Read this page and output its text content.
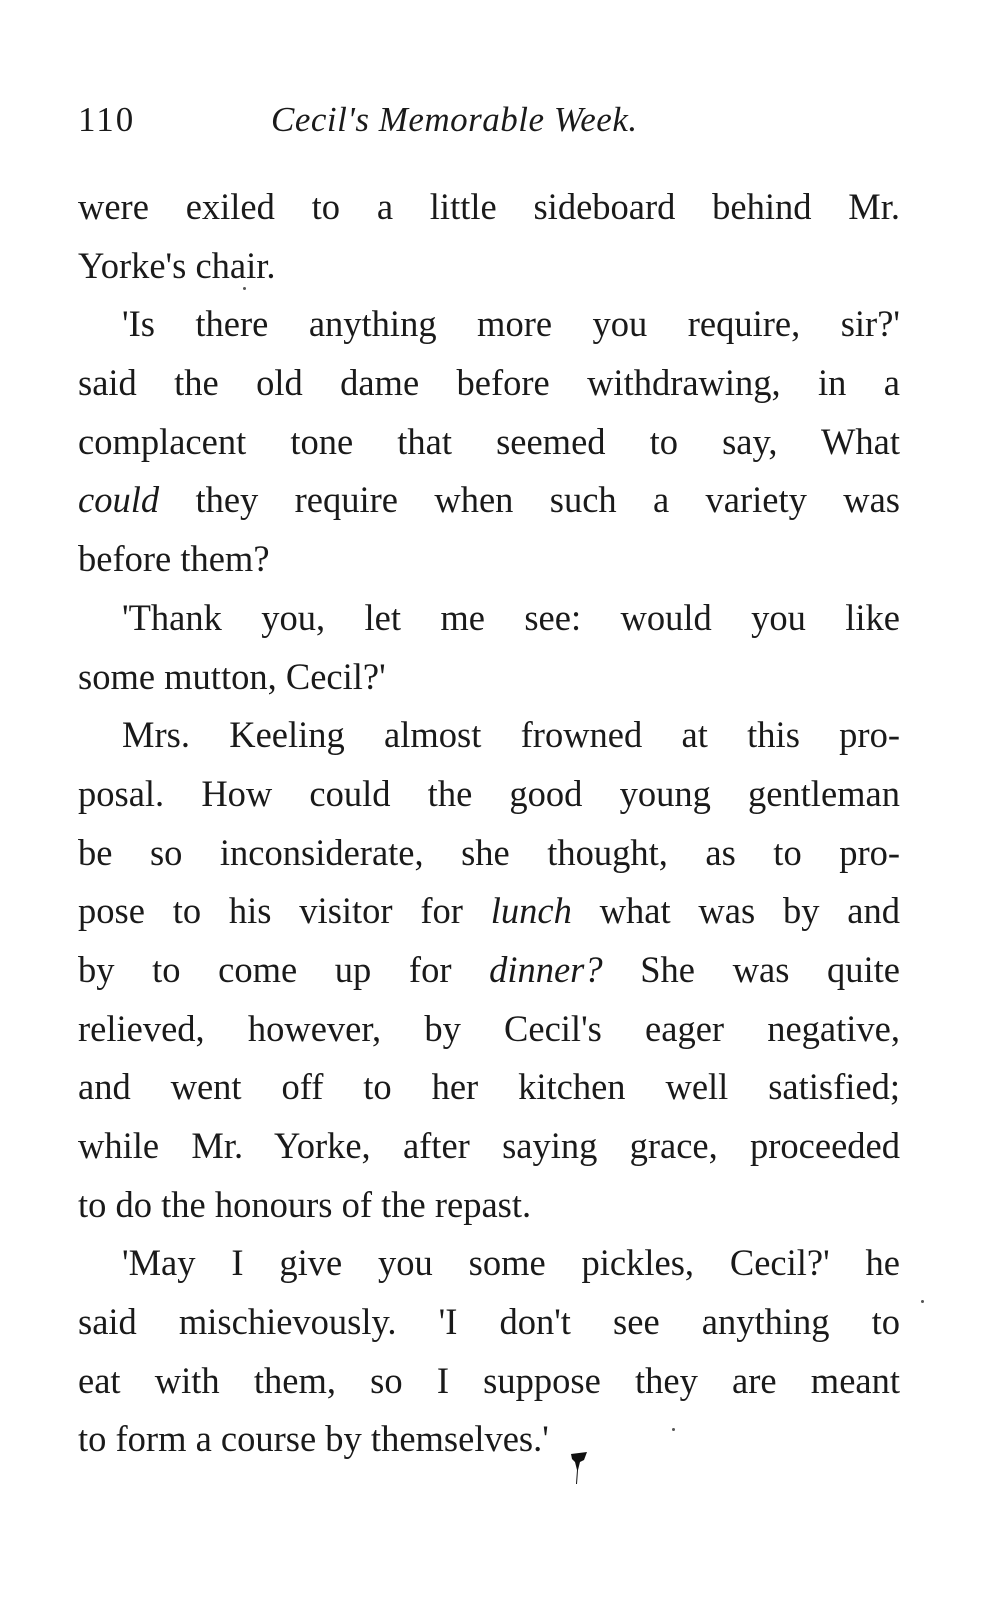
110	Cecil's Memorable Week.
were exiled to a little sideboard behind Mr.
Yorke's chair.
'Is there anything more you require, sir?'
said the old dame before withdrawing, in a
complacent tone that seemed to say, What
could they require when such a variety was
before them?
'Thank you, let me see: would you like
some mutton, Cecil?'
Mrs. Keeling almost frowned at this pro-
posal. How could the good young gentleman
be so inconsiderate, she thought, as to pro-
pose to his visitor for lunch what was by and
by to come up for dinner? She was quite
relieved, however, by Cecil's eager negative,
and went off to her kitchen well satisfied;
while Mr. Yorke, after saying grace, proceeded
to do the honours of the repast.
'May I give you some pickles, Cecil?' he
said mischievously. 'I don't see anything to
eat with them, so I suppose they are meant
to form a course by themselves.'
